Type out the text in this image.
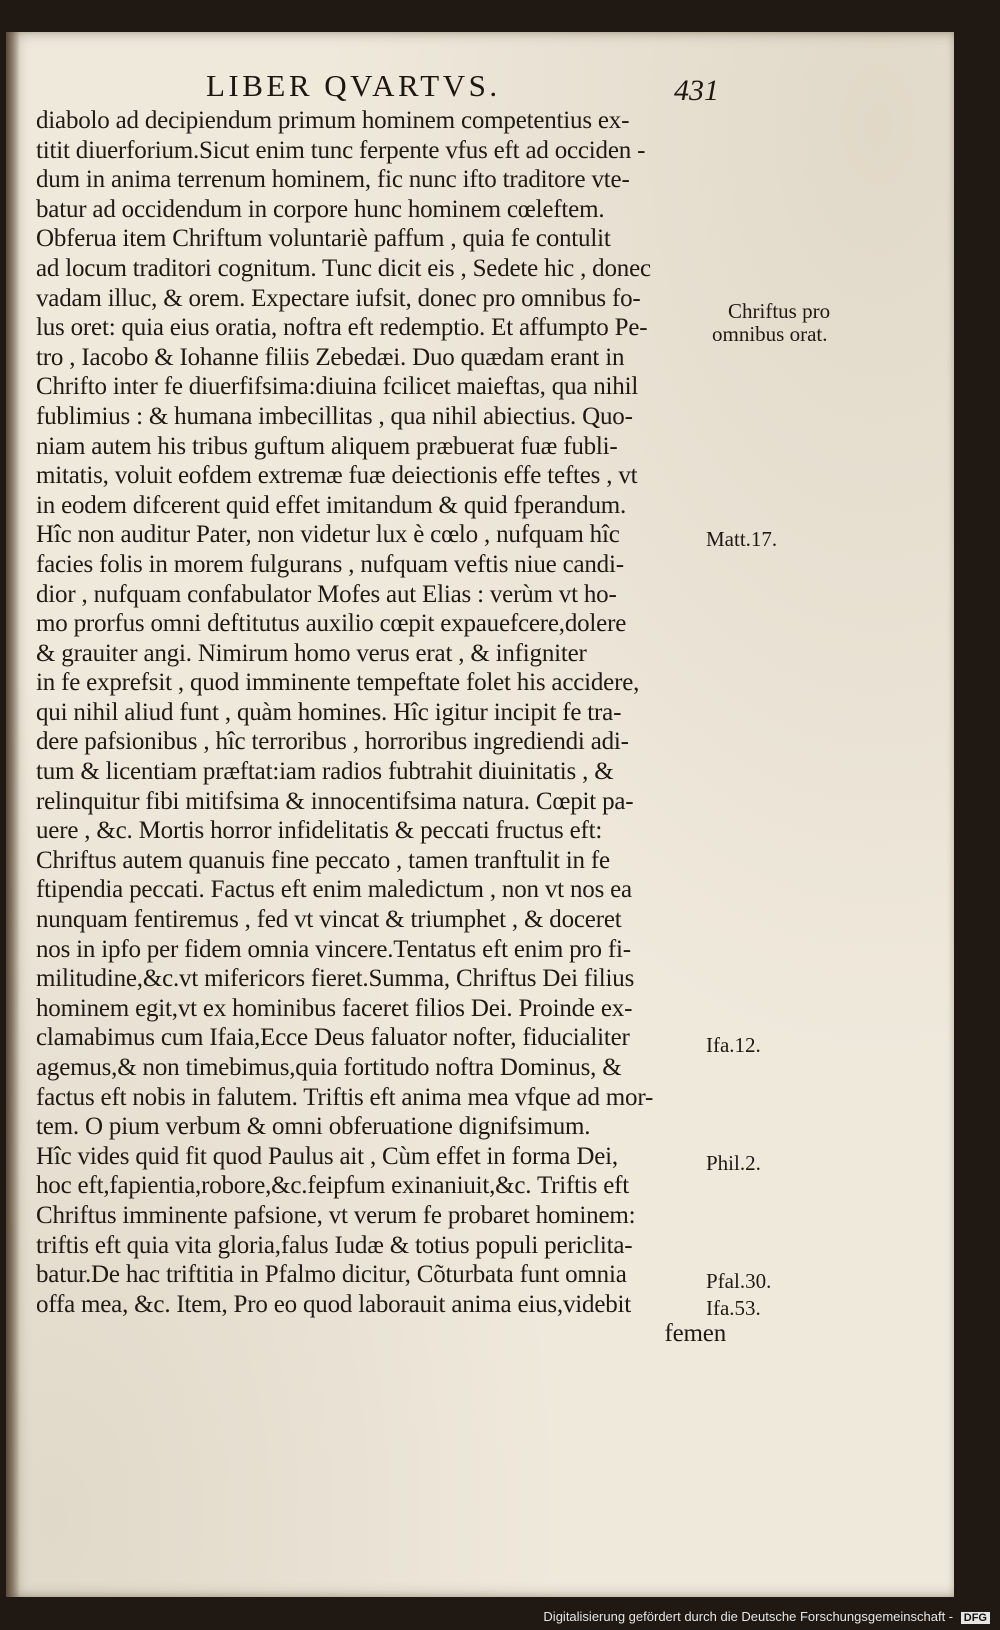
LIBER QVARTVS.	431
diabolo ad decipiendum primum hominem competentius ex-
titit diuerforium.Sicut enim tunc ferpente vfus eft ad occiden -
dum in anima terrenum hominem, fic nunc ifto traditore vte-
batur ad occidendum in corpore hunc hominem cœleftem.
Obferua item Chriftum voluntariè paffum , quia fe contulit
ad locum traditori cognitum. Tunc dicit eis , Sedete hic , donec
vadam illuc, & orem. Expectare iufsit, donec pro omnibus fo-
lus oret: quia eius oratia, noftra eft redemptio. Et affumpto Pe-
tro , Iacobo & Iohanne filiis Zebedæi. Duo quædam erant in
Chrifto inter fe diuerfifsima:diuina fcilicet maieftas, qua nihil
fublimius : & humana imbecillitas , qua nihil abiectius. Quo-
niam autem his tribus guftum aliquem præbuerat fuæ fubli-
mitatis, voluit eofdem extremæ fuæ deiectionis effe teftes , vt
in eodem difcerent quid effet imitandum & quid fperandum.
Hîc non auditur Pater, non videtur lux è cœlo , nufquam hîc
facies folis in morem fulgurans , nufquam veftis niue candi-
dior , nufquam confabulator Mofes aut Elias : verùm vt ho-
mo prorfus omni deftitutus auxilio cœpit expauefcere,dolere
& grauiter angi. Nimirum homo verus erat , & infigniter
in fe exprefsit , quod imminente tempeftate folet his accidere,
qui nihil aliud funt , quàm homines. Hîc igitur incipit fe tra-
dere pafsionibus , hîc terroribus , horroribus ingrediendi adi-
tum & licentiam præftat:iam radios fubtrahit diuinitatis , &
relinquitur fibi mitifsima & innocentifsima natura. Cœpit pa-
uere , &c. Mortis horror infidelitatis & peccati fructus eft:
Chriftus autem quanuis fine peccato , tamen tranftulit in fe
ftipendia peccati. Factus eft enim maledictum , non vt nos ea
nunquam fentiremus , fed vt vincat & triumphet , & doceret
nos in ipfo per fidem omnia vincere.Tentatus eft enim pro fi-
militudine,&c.vt mifericors fieret.Summa, Chriftus Dei filius
hominem egit,vt ex hominibus faceret filios Dei. Proinde ex-
clamabimus cum Ifaia,Ecce Deus faluator nofter, fiducialiter
agemus,& non timebimus,quia fortitudo noftra Dominus, &
factus eft nobis in falutem. Triftis eft anima mea vfque ad mor-
tem. O pium verbum & omni obferuatione dignifsimum.
Hîc vides quid fit quod Paulus ait , Cùm effet in forma Dei,
hoc eft,fapientia,robore,&c.feipfum exinaniuit,&c. Triftis eft
Chriftus imminente pafsione, vt verum fe probaret hominem:
triftis eft quia vita gloria,falus Iudæ & totius populi periclita-
batur.De hac triftitia in Pfalmo dicitur, Cõturbata funt omnia
offa mea, &c. Item, Pro eo quod laborauit anima eius,videbit
femen
Chriftus pro
omnibus orat.
Matt.17.
Ifa.12.
Phil.2.
Pfal.30.
Ifa.53.
Digitalisierung gefördert durch die Deutsche Forschungsgemeinschaft - DFG
